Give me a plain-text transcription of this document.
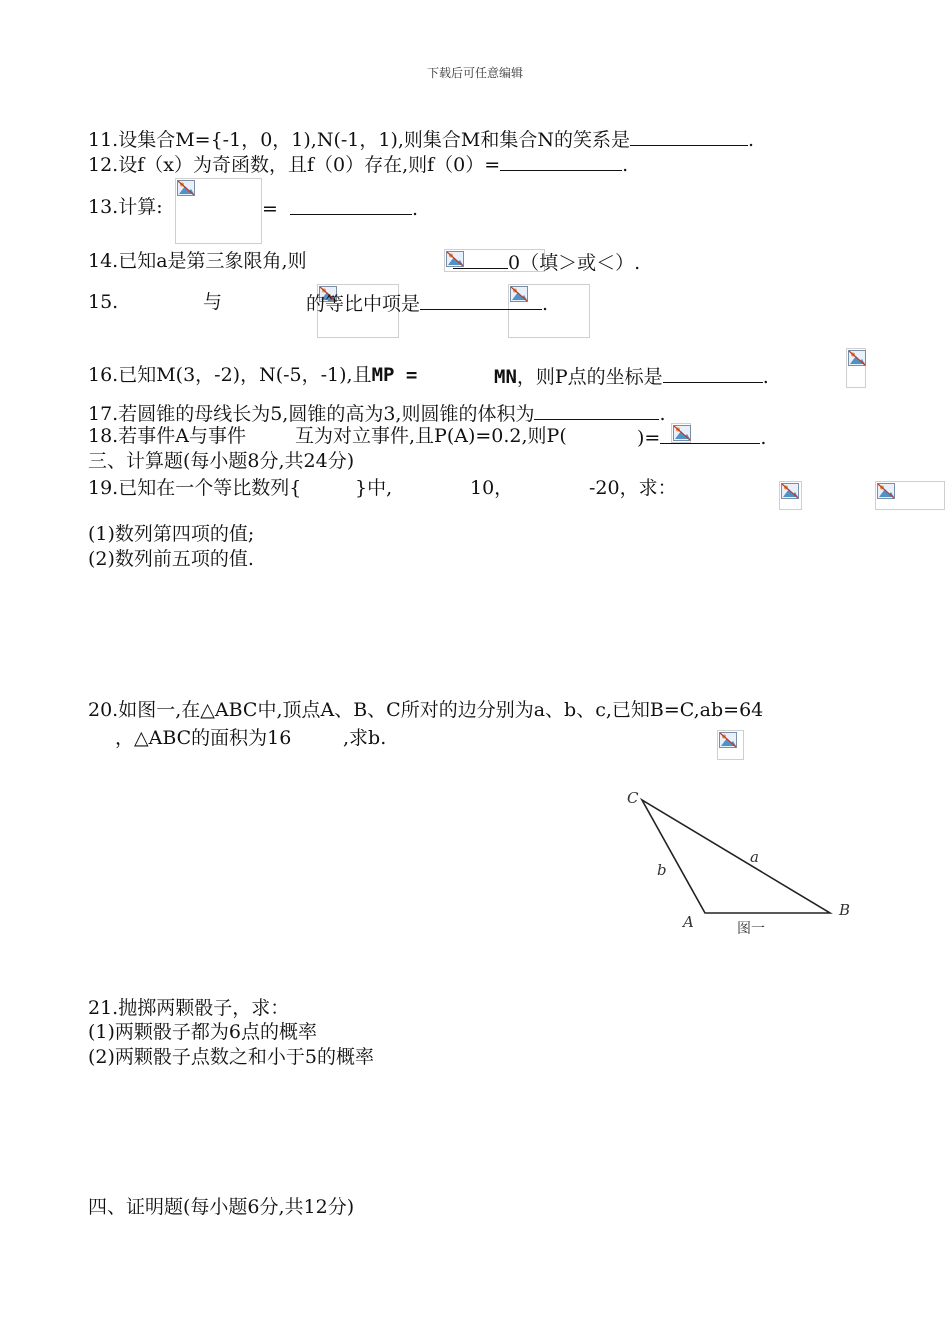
下载后可任意编辑
11.设集合M={-1，0，1),N(-1，1),则集合M和集合N的笑系是	.
12.设f（x）为奇函数，且f（0）存在,则f（0）=	.
13.计算:
	=	.
14.已知a是第三象限角,则
	0（填＞或＜）.
15.
	与
	的等比中项是	.
16.已知M(3，-2)，N(-5，-1),且MP =
	MN，则P点的坐标是	.
17.若圆锥的母线长为5,圆锥的高为3,则圆锥的体积为	.
18.若事件A与事件
	互为对立事件,且P(A)=0.2,则P(
	)=	.
三、计算题(每小题8分,共24分)
19.已知在一个等比数列{
	}中,
	10，
	-20，求：
(1)数列第四项的值;
(2)数列前五项的值.
20.如图一,在△ABC中,顶点A、B、C所对的边分别为a、b、c,已知B=C,ab=64

，△ABC的面积为16	,求b.
C
A
B
a
b
图一
21.抛掷两颗骰子，求：
(1)两颗骰子都为6点的概率
(2)两颗骰子点数之和小于5的概率
四、证明题(每小题6分,共12分)
